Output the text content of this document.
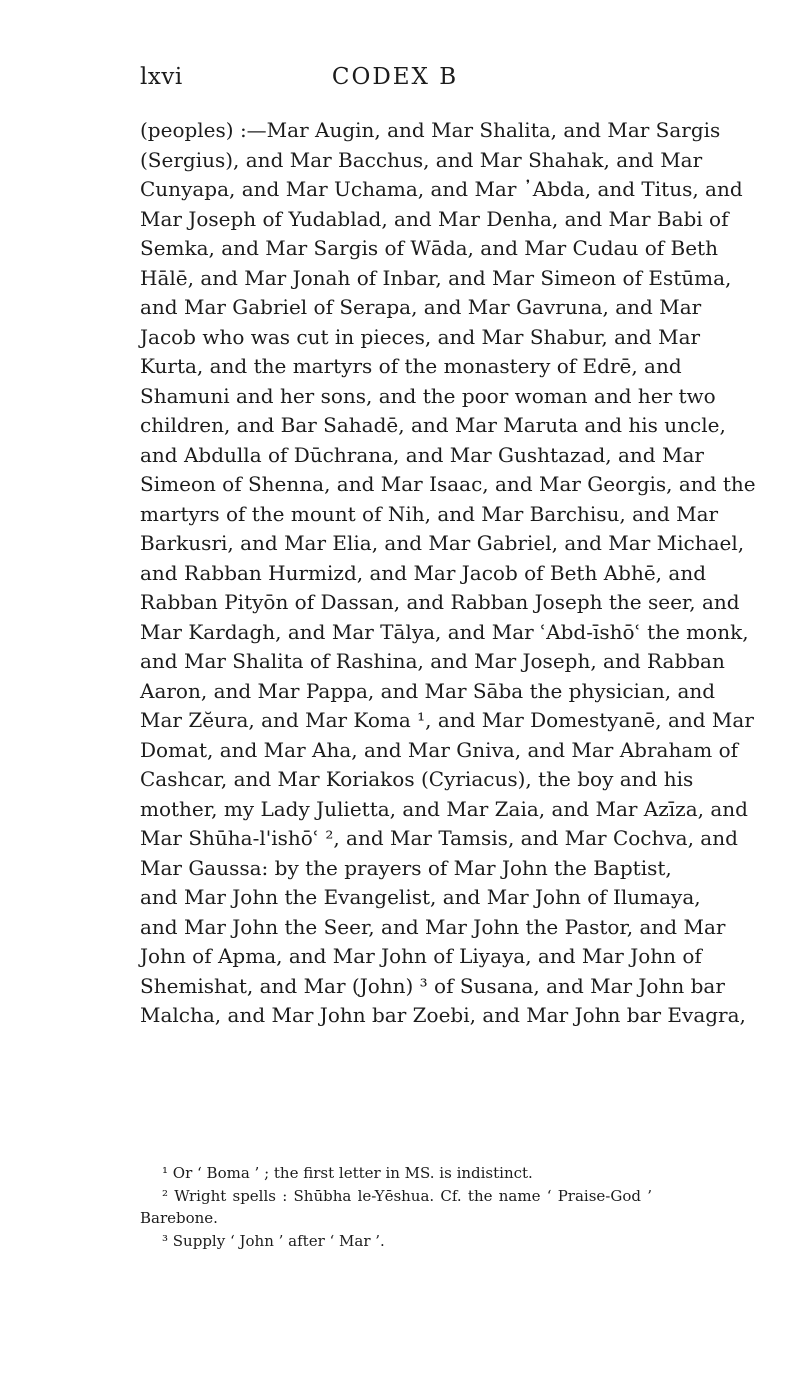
lxvi	CODEX B
(peoples) :—Mar Augin, and Mar Shalita, and Mar Sargis
(Sergius), and Mar Bacchus, and Mar Shahak, and Mar
Cunyapa, and Mar Uchama, and Mar ᾿Abda, and Titus, and
Mar Joseph of Yudablad, and Mar Denha, and Mar Babi of
Semka, and Mar Sargis of Wāda, and Mar Cudau of Beth
Hālē, and Mar Jonah of Inbar, and Mar Simeon of Estūma,
and Mar Gabriel of Serapa, and Mar Gavruna, and Mar
Jacob who was cut in pieces, and Mar Shabur, and Mar
Kurta, and the martyrs of the monastery of Edrē, and
Shamuni and her sons, and the poor woman and her two
children, and Bar Sahadē, and Mar Maruta and his uncle,
and Abdulla of Dūchrana, and Mar Gushtazad, and Mar
Simeon of Shenna, and Mar Isaac, and Mar Georgis, and the
martyrs of the mount of Nih, and Mar Barchisu, and Mar
Barkusri, and Mar Elia, and Mar Gabriel, and Mar Michael,
and Rabban Hurmizd, and Mar Jacob of Beth Abhē, and
Rabban Pityōn of Dassan, and Rabban Joseph the seer, and
Mar Kardagh, and Mar Tālya, and Mar ʿAbd-īshōʿ the monk,
and Mar Shalita of Rashina, and Mar Joseph, and Rabban
Aaron, and Mar Pappa, and Mar Sāba the physician, and
Mar Zĕura, and Mar Koma ¹, and Mar Domestyanē, and Mar
Domat, and Mar Aha, and Mar Gniva, and Mar Abraham of
Cashcar, and Mar Koriakos (Cyriacus), the boy and his
mother, my Lady Julietta, and Mar Zaia, and Mar Azīza, and
Mar Shūha-l'ishōʿ ², and Mar Tamsis, and Mar Cochva, and
Mar Gaussa: by the prayers of Mar John the Baptist,
and Mar John the Evangelist, and Mar John of Ilumaya,
and Mar John the Seer, and Mar John the Pastor, and Mar
John of Apma, and Mar John of Liyaya, and Mar John of
Shemishat, and Mar (John) ³ of Susana, and Mar John bar
Malcha, and Mar John bar Zoebi, and Mar John bar Evagra,
¹ Or ‘ Boma ’ ; the first letter in MS. is indistinct.
² Wright spells : Shūbha le-Yēshua. Cf. the name ‘ Praise-God ’
Barebone.
³ Supply ‘ John ’ after ‘ Mar ’.
